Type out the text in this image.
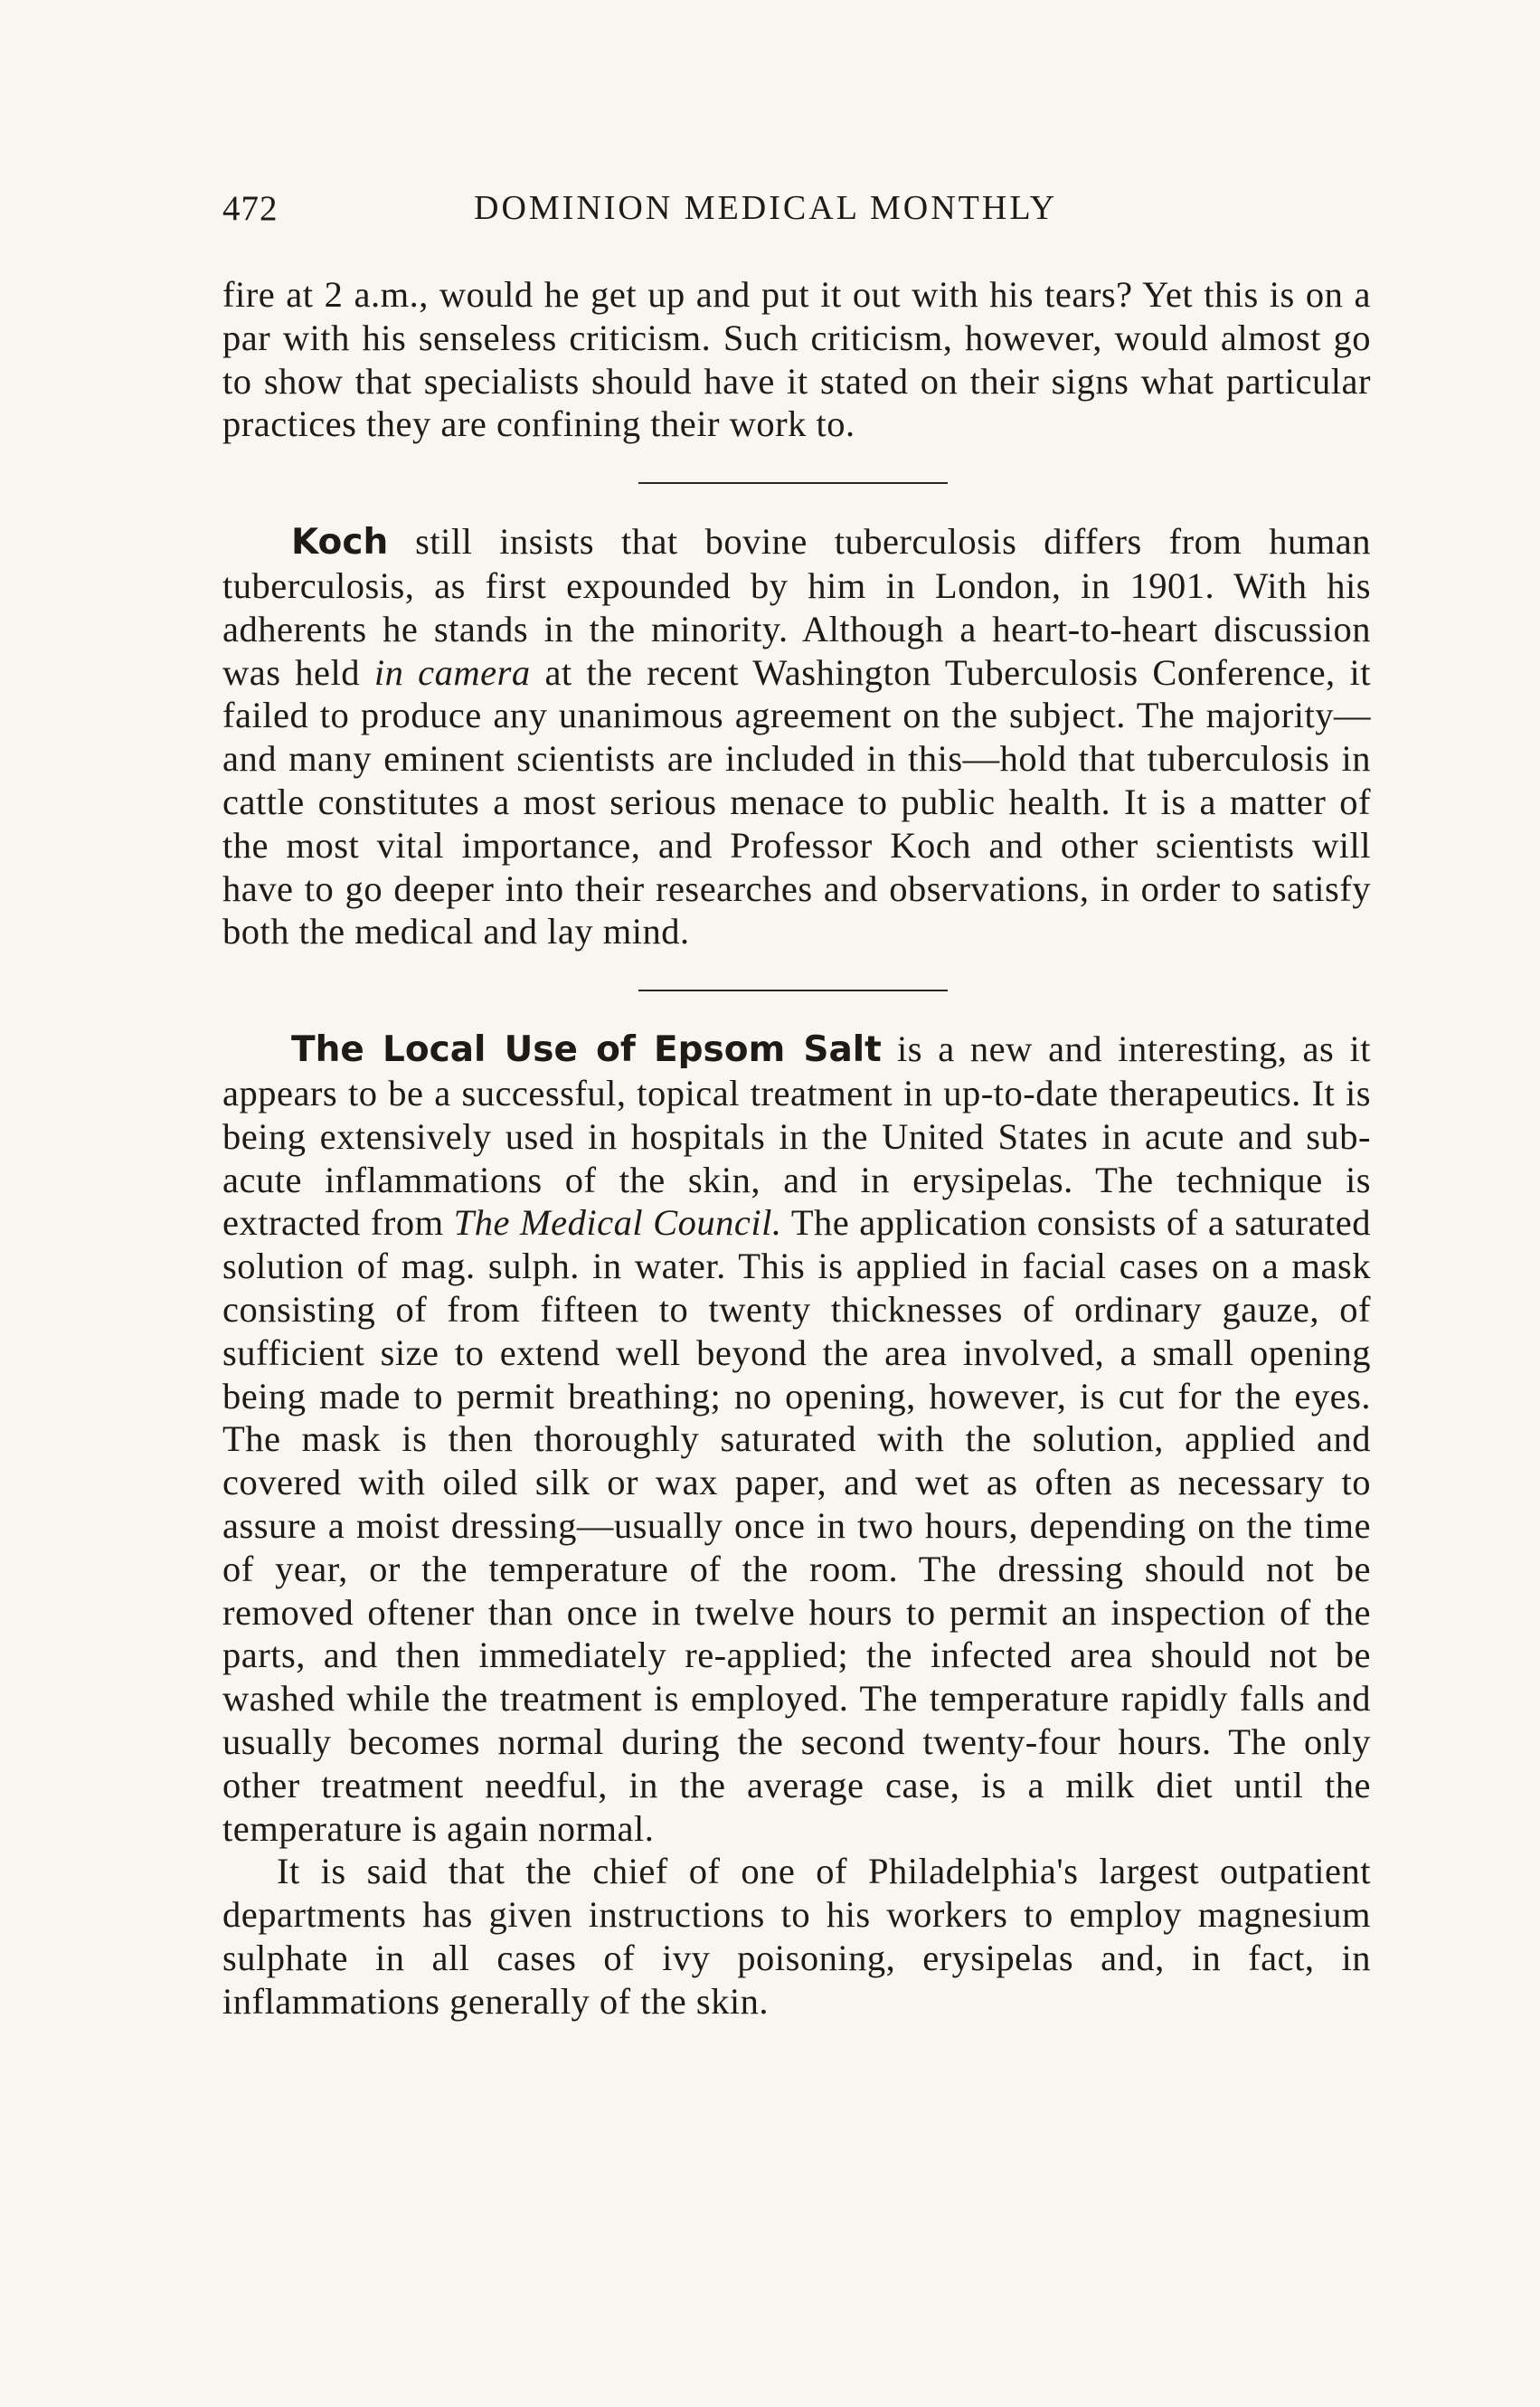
472	DOMINION MEDICAL MONTHLY

fire at 2 a.m., would he get up and put it out with his tears? Yet this is on a par with his senseless criticism. Such criticism, however, would almost go to show that specialists should have it stated on their signs what particular practices they are confining their work to.

Koch still insists that bovine tuberculosis differs from human tuberculosis, as first expounded by him in London, in 1901. With his adherents he stands in the minority. Although a heart-to-heart discussion was held in camera at the recent Washington Tuberculosis Conference, it failed to produce any unanimous agreement on the subject. The majority—and many eminent scientists are included in this—hold that tuberculosis in cattle constitutes a most serious menace to public health. It is a matter of the most vital importance, and Professor Koch and other scientists will have to go deeper into their researches and observations, in order to satisfy both the medical and lay mind.

The Local Use of Epsom Salt is a new and interesting, as it appears to be a successful, topical treatment in up-to-date therapeutics. It is being extensively used in hospitals in the United States in acute and sub-acute inflammations of the skin, and in erysipelas. The technique is extracted from The Medical Council. The application consists of a saturated solution of mag. sulph. in water. This is applied in facial cases on a mask consisting of from fifteen to twenty thicknesses of ordinary gauze, of sufficient size to extend well beyond the area involved, a small opening being made to permit breathing; no opening, however, is cut for the eyes. The mask is then thoroughly saturated with the solution, applied and covered with oiled silk or wax paper, and wet as often as necessary to assure a moist dressing—usually once in two hours, depending on the time of year, or the temperature of the room. The dressing should not be removed oftener than once in twelve hours to permit an inspection of the parts, and then immediately re-applied; the infected area should not be washed while the treatment is employed. The temperature rapidly falls and usually becomes normal during the second twenty-four hours. The only other treatment needful, in the average case, is a milk diet until the temperature is again normal.

It is said that the chief of one of Philadelphia's largest outpatient departments has given instructions to his workers to employ magnesium sulphate in all cases of ivy poisoning, erysipelas and, in fact, in inflammations generally of the skin.
